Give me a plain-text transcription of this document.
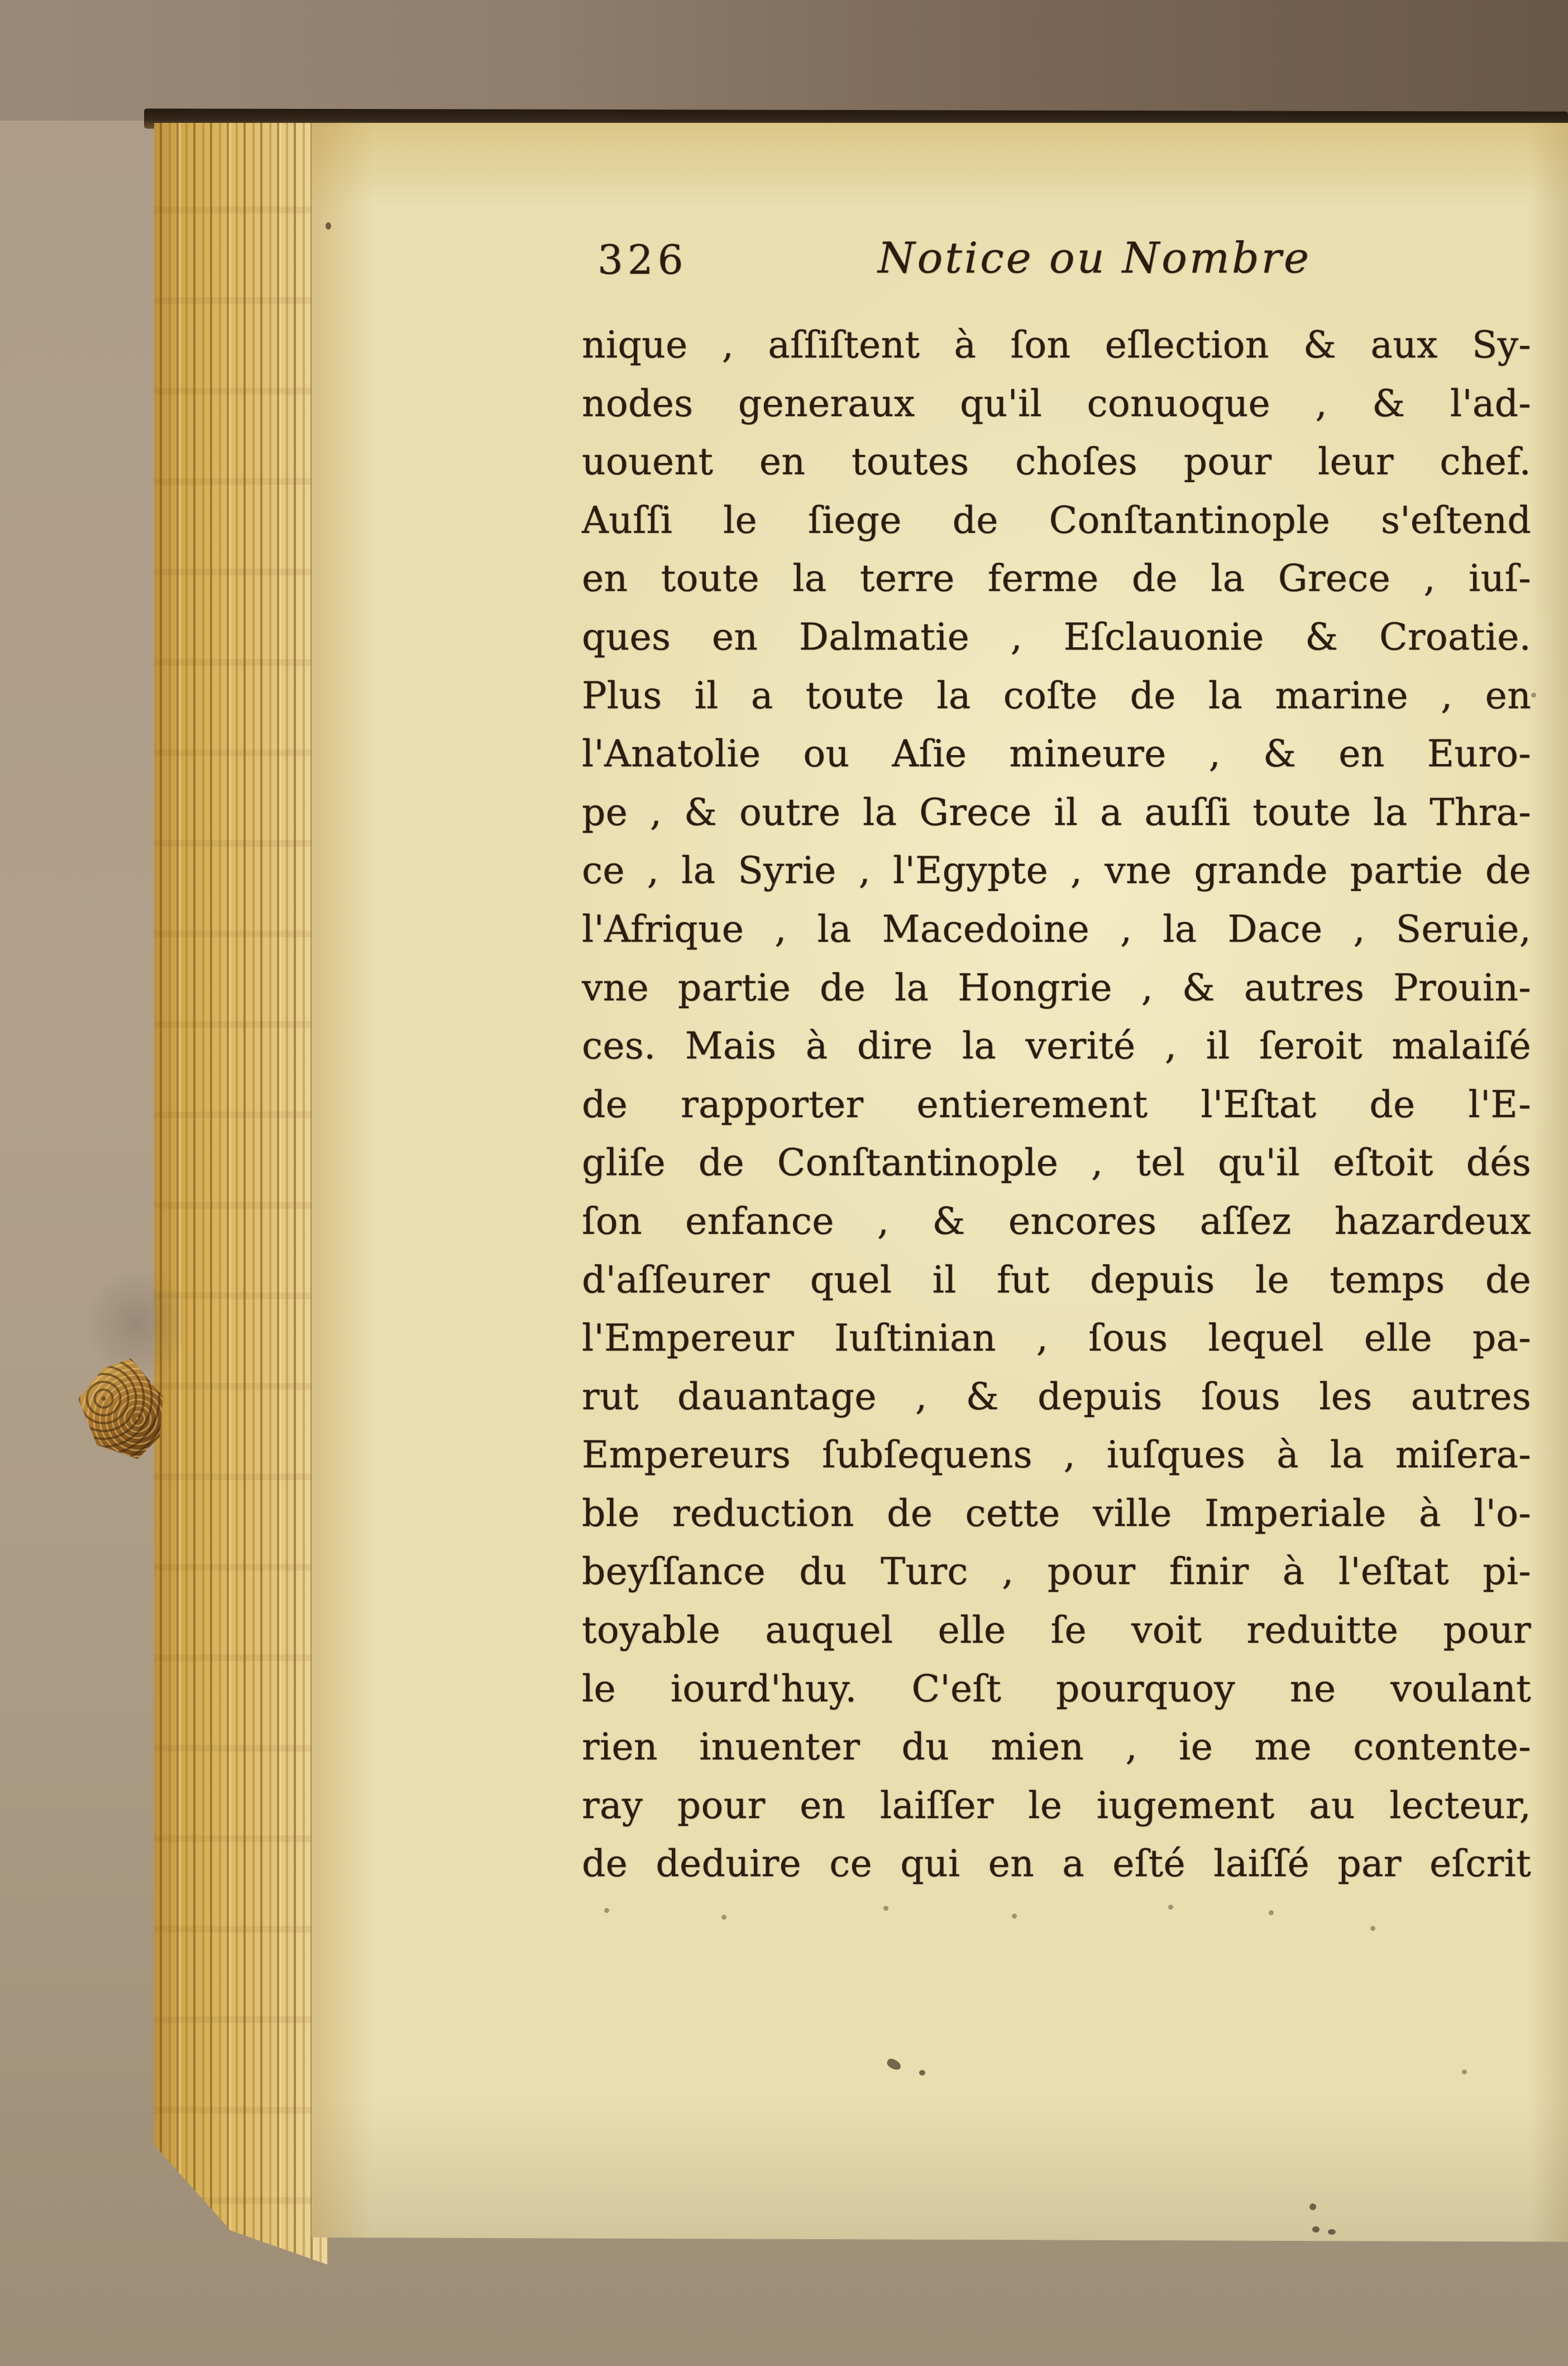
326	Notice ou Nombre
nique , aſſiſtent à ſon eſlection & aux Sy-
nodes generaux qu'il conuoque , & l'ad-
uouent en toutes choſes pour leur chef.
Auſſi le ſiege de Conſtantinople s'eſtend
en toute la terre ferme de la Grece , iuſ-
ques en Dalmatie , Eſclauonie & Croatie.
Plus il a toute la coſte de la marine , en
l'Anatolie ou Aſie mineure , & en Euro-
pe , & outre la Grece il a auſſi toute la Thra-
ce , la Syrie , l'Egypte , vne grande partie de
l'Afrique , la Macedoine , la Dace , Seruie,
vne partie de la Hongrie , & autres Prouin-
ces. Mais à dire la verité , il ſeroit malaiſé
de rapporter entierement l'Eſtat de l'E-
gliſe de Conſtantinople , tel qu'il eſtoit dés
ſon enfance , & encores aſſez hazardeux
d'aſſeurer quel il fut depuis le temps de
l'Empereur Iuſtinian , ſous lequel elle pa-
rut dauantage , & depuis ſous les autres
Empereurs ſubſequens , iuſques à la miſera-
ble reduction de cette ville Imperiale à l'o-
beyſſance du Turc , pour finir à l'eſtat pi-
toyable auquel elle ſe voit reduitte pour
le iourd'huy. C'eſt pourquoy ne voulant
rien inuenter du mien , ie me contente-
ray pour en laiſſer le iugement au lecteur,
de deduire ce qui en a eſté laiſſé par eſcrit
